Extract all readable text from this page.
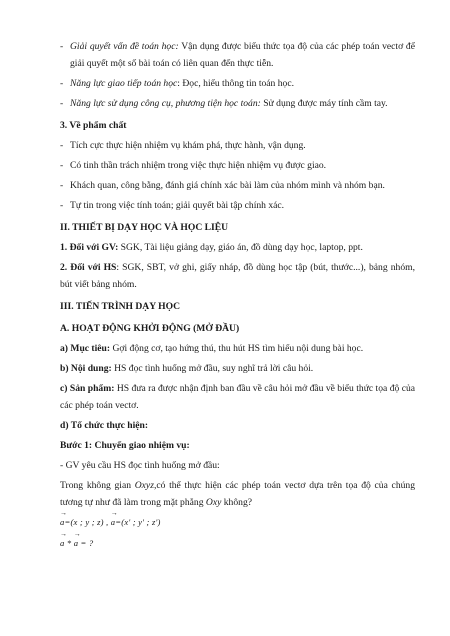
- Giải quyết vấn đề toán học: Vận dụng được biểu thức tọa độ của các phép toán vectơ để giải quyết một số bài toán có liên quan đến thực tiễn.
- Năng lực giao tiếp toán học: Đọc, hiểu thông tin toán học.
- Năng lực sử dụng công cụ, phương tiện học toán: Sử dụng được máy tính cầm tay.
3. Về phẩm chất
- Tích cực thực hiện nhiệm vụ khám phá, thực hành, vận dụng.
- Có tinh thần trách nhiệm trong việc thực hiện nhiệm vụ được giao.
- Khách quan, công bằng, đánh giá chính xác bài làm của nhóm mình và nhóm bạn.
- Tự tin trong việc tính toán; giải quyết bài tập chính xác.
II. THIẾT BỊ DẠY HỌC VÀ HỌC LIỆU
1. Đối với GV: SGK, Tài liệu giảng dạy, giáo án, đồ dùng dạy học, laptop, ppt.
2. Đối với HS: SGK, SBT, vở ghi, giấy nháp, đồ dùng học tập (bút, thước...), bảng nhóm, bút viết bảng nhóm.
III. TIẾN TRÌNH DẠY HỌC
A. HOẠT ĐỘNG KHỞI ĐỘNG (MỞ ĐẦU)
a) Mục tiêu: Gợi động cơ, tạo hứng thú, thu hút HS tìm hiểu nội dung bài học.
b) Nội dung: HS đọc tình huống mở đầu, suy nghĩ trả lời câu hỏi.
c) Sản phẩm: HS đưa ra được nhận định ban đầu về câu hỏi mở đầu về biểu thức tọa độ của các phép toán vectơ.
d) Tổ chức thực hiện:
Bước 1: Chuyển giao nhiệm vụ:
- GV yêu cầu HS đọc tình huống mở đầu:
Trong không gian Oxyz,có thể thực hiện các phép toán vectơ dựa trên tọa độ của chúng tương tự như đã làm trong mặt phẳng Oxy không?
→ a=(x ; y ; z) , → a=(x' ; y' ; z')
→ a * → a = ?
